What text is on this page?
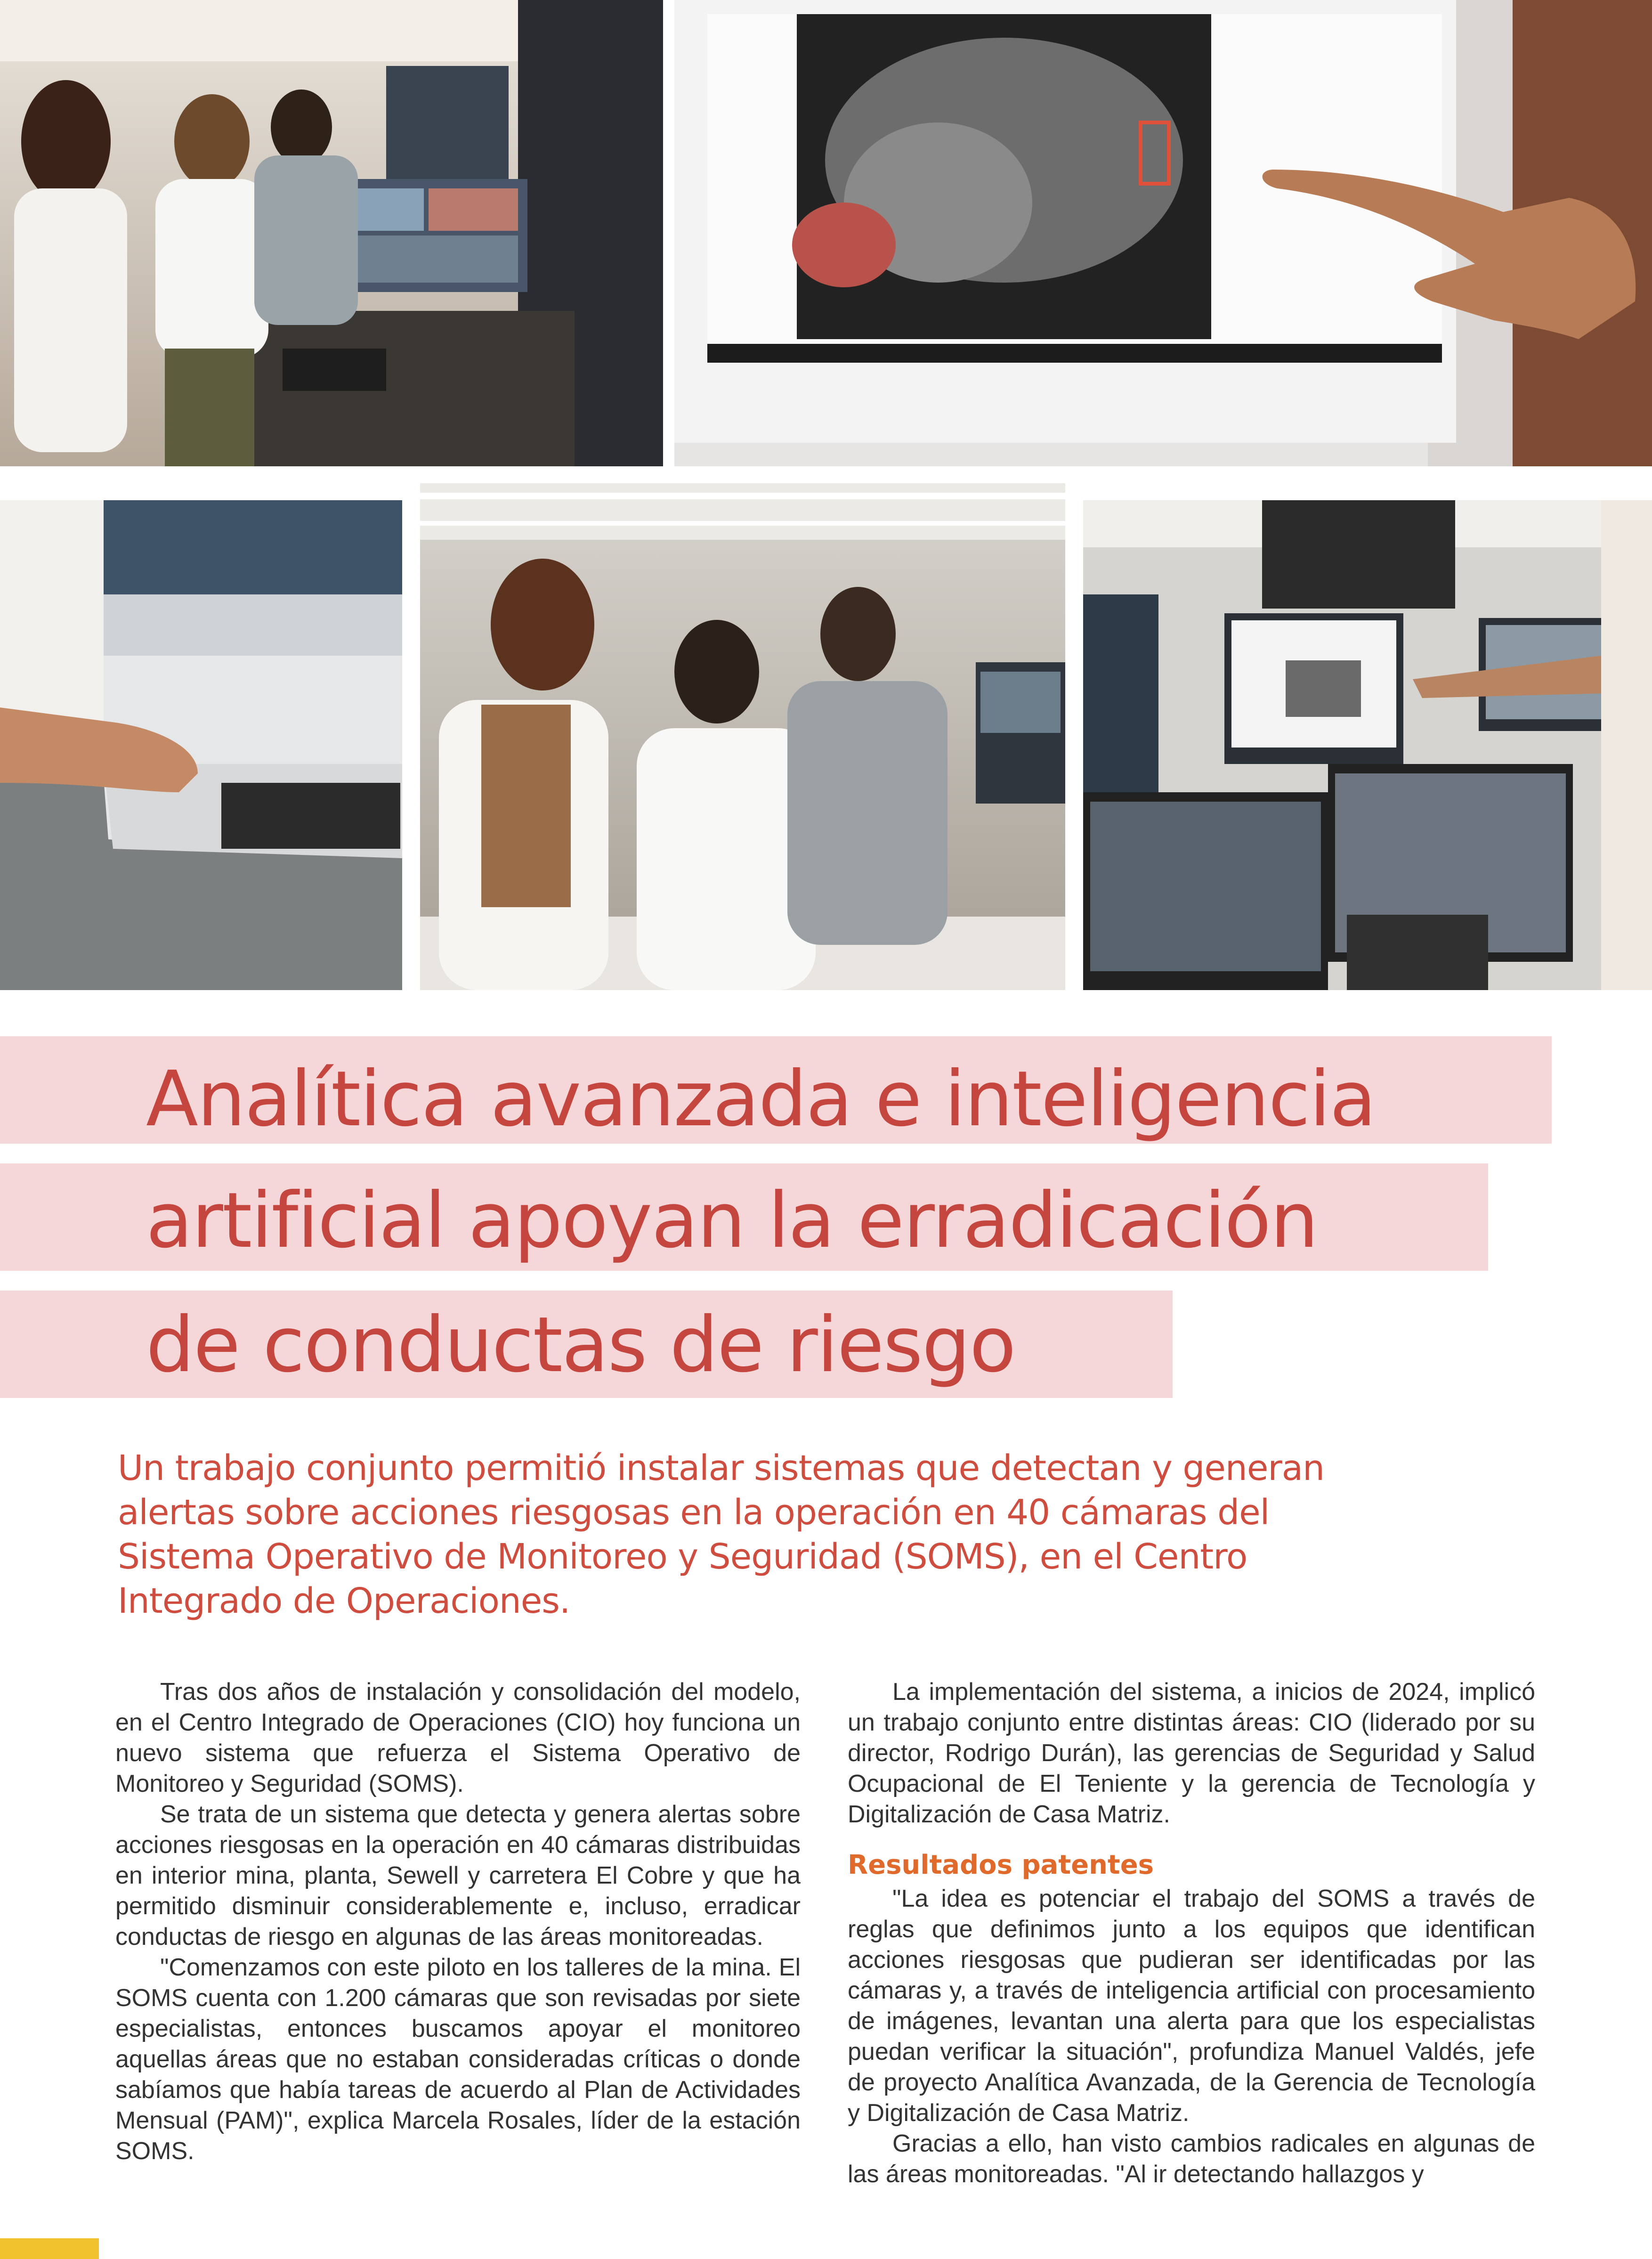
Analítica avanzada e inteligencia
artificial apoyan la erradicación
de conductas de riesgo

Un trabajo conjunto permitió instalar sistemas que detectan y generan alertas sobre acciones riesgosas en la operación en 40 cámaras del Sistema Operativo de Monitoreo y Seguridad (SOMS), en el Centro Integrado de Operaciones.

Tras dos años de instalación y consolidación del modelo, en el Centro Integrado de Operaciones (CIO) hoy funciona un nuevo sistema que refuerza el Sistema Operativo de Monitoreo y Seguridad (SOMS).

Se trata de un sistema que detecta y genera alertas sobre acciones riesgosas en la operación en 40 cámaras distribuidas en interior mina, planta, Sewell y carretera El Cobre y que ha permitido disminuir considerablemente e, incluso, erradicar conductas de riesgo en algunas de las áreas monitoreadas.

"Comenzamos con este piloto en los talleres de la mina. El SOMS cuenta con 1.200 cámaras que son revisadas por siete especialistas, entonces buscamos apoyar el monitoreo aquellas áreas que no estaban consideradas críticas o donde sabíamos que había tareas de acuerdo al Plan de Actividades Mensual (PAM)", explica Marcela Rosales, líder de la estación SOMS.

La implementación del sistema, a inicios de 2024, implicó un trabajo conjunto entre distintas áreas: CIO (liderado por su director, Rodrigo Durán), las gerencias de Seguridad y Salud Ocupacional de El Teniente y la gerencia de Tecnología y Digitalización de Casa Matriz.

Resultados patentes

"La idea es potenciar el trabajo del SOMS a través de reglas que definimos junto a los equipos que identifican acciones riesgosas que pudieran ser identificadas por las cámaras y, a través de inteligencia artificial con procesamiento de imágenes, levantan una alerta para que los especialistas puedan verificar la situación", profundiza Manuel Valdés, jefe de proyecto Analítica Avanzada, de la Gerencia de Tecnología y Digitalización de Casa Matriz.

Gracias a ello, han visto cambios radicales en algunas de las áreas monitoreadas. "Al ir detectando hallazgos y
